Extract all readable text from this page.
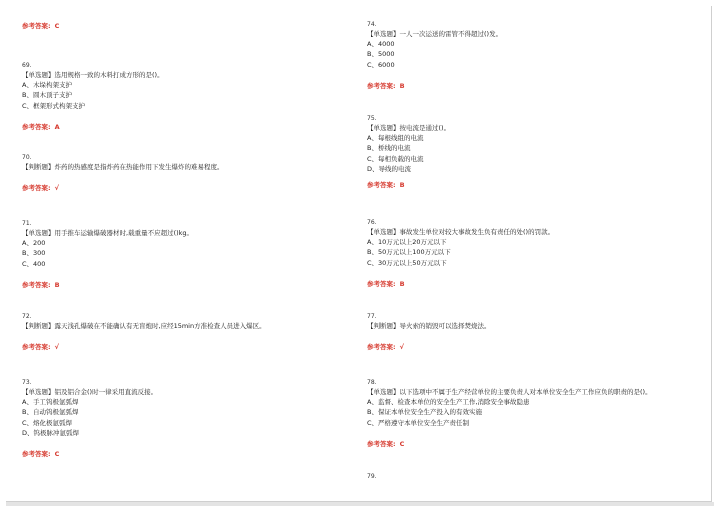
参考答案: C
69.
【单选题】选用规格一致的木料打成方形的是()。
A、木垛构架支护
B、圆木顶子支护
C、框架形式构架支护
参考答案: A
70.
【判断题】炸药的热感度是指炸药在热能作用下发生爆炸的难易程度。
参考答案: √
71.
【单选题】用手推车运输爆破器材时,载重量不应超过()kg。
A、200
B、300
C、400
参考答案: B
72.
【判断题】露天浅孔爆破在不能确认有无盲炮时,应经15min方准检查人员进入爆区。
参考答案: √
73.
【单选题】铝及铝合金()时一律采用直流反接。
A、手工钨极氩弧焊
B、自动钨极氩弧焊
C、熔化极氩弧焊
D、钨极脉冲氩弧焊
参考答案: C
74.
【单选题】一人一次运送的雷管不得超过()发。
A、4000
B、5000
C、6000
参考答案: B
75.
【单选题】按电流是通过()。
A、每根线组的电流
B、桥线的电流
C、每相负载的电流
D、导线的电流
参考答案: B
76.
【单选题】事故发生单位对较大事故发生负有责任的处()的罚款。
A、10万元以上20万元以下
B、50万元以上100万元以下
C、30万元以上50万元以下
参考答案: B
77.
【判断题】导火索的销毁可以选择焚烧法。
参考答案: √
78.
【单选题】以下选项中不属于生产经营单位的主要负责人对本单位安全生产工作应负的职责的是()。
A、监督、检查本单位的安全生产工作,消除安全事故隐患
B、保证本单位安全生产投入的有效实施
C、严格遵守本单位安全生产责任制
参考答案: C
79.
